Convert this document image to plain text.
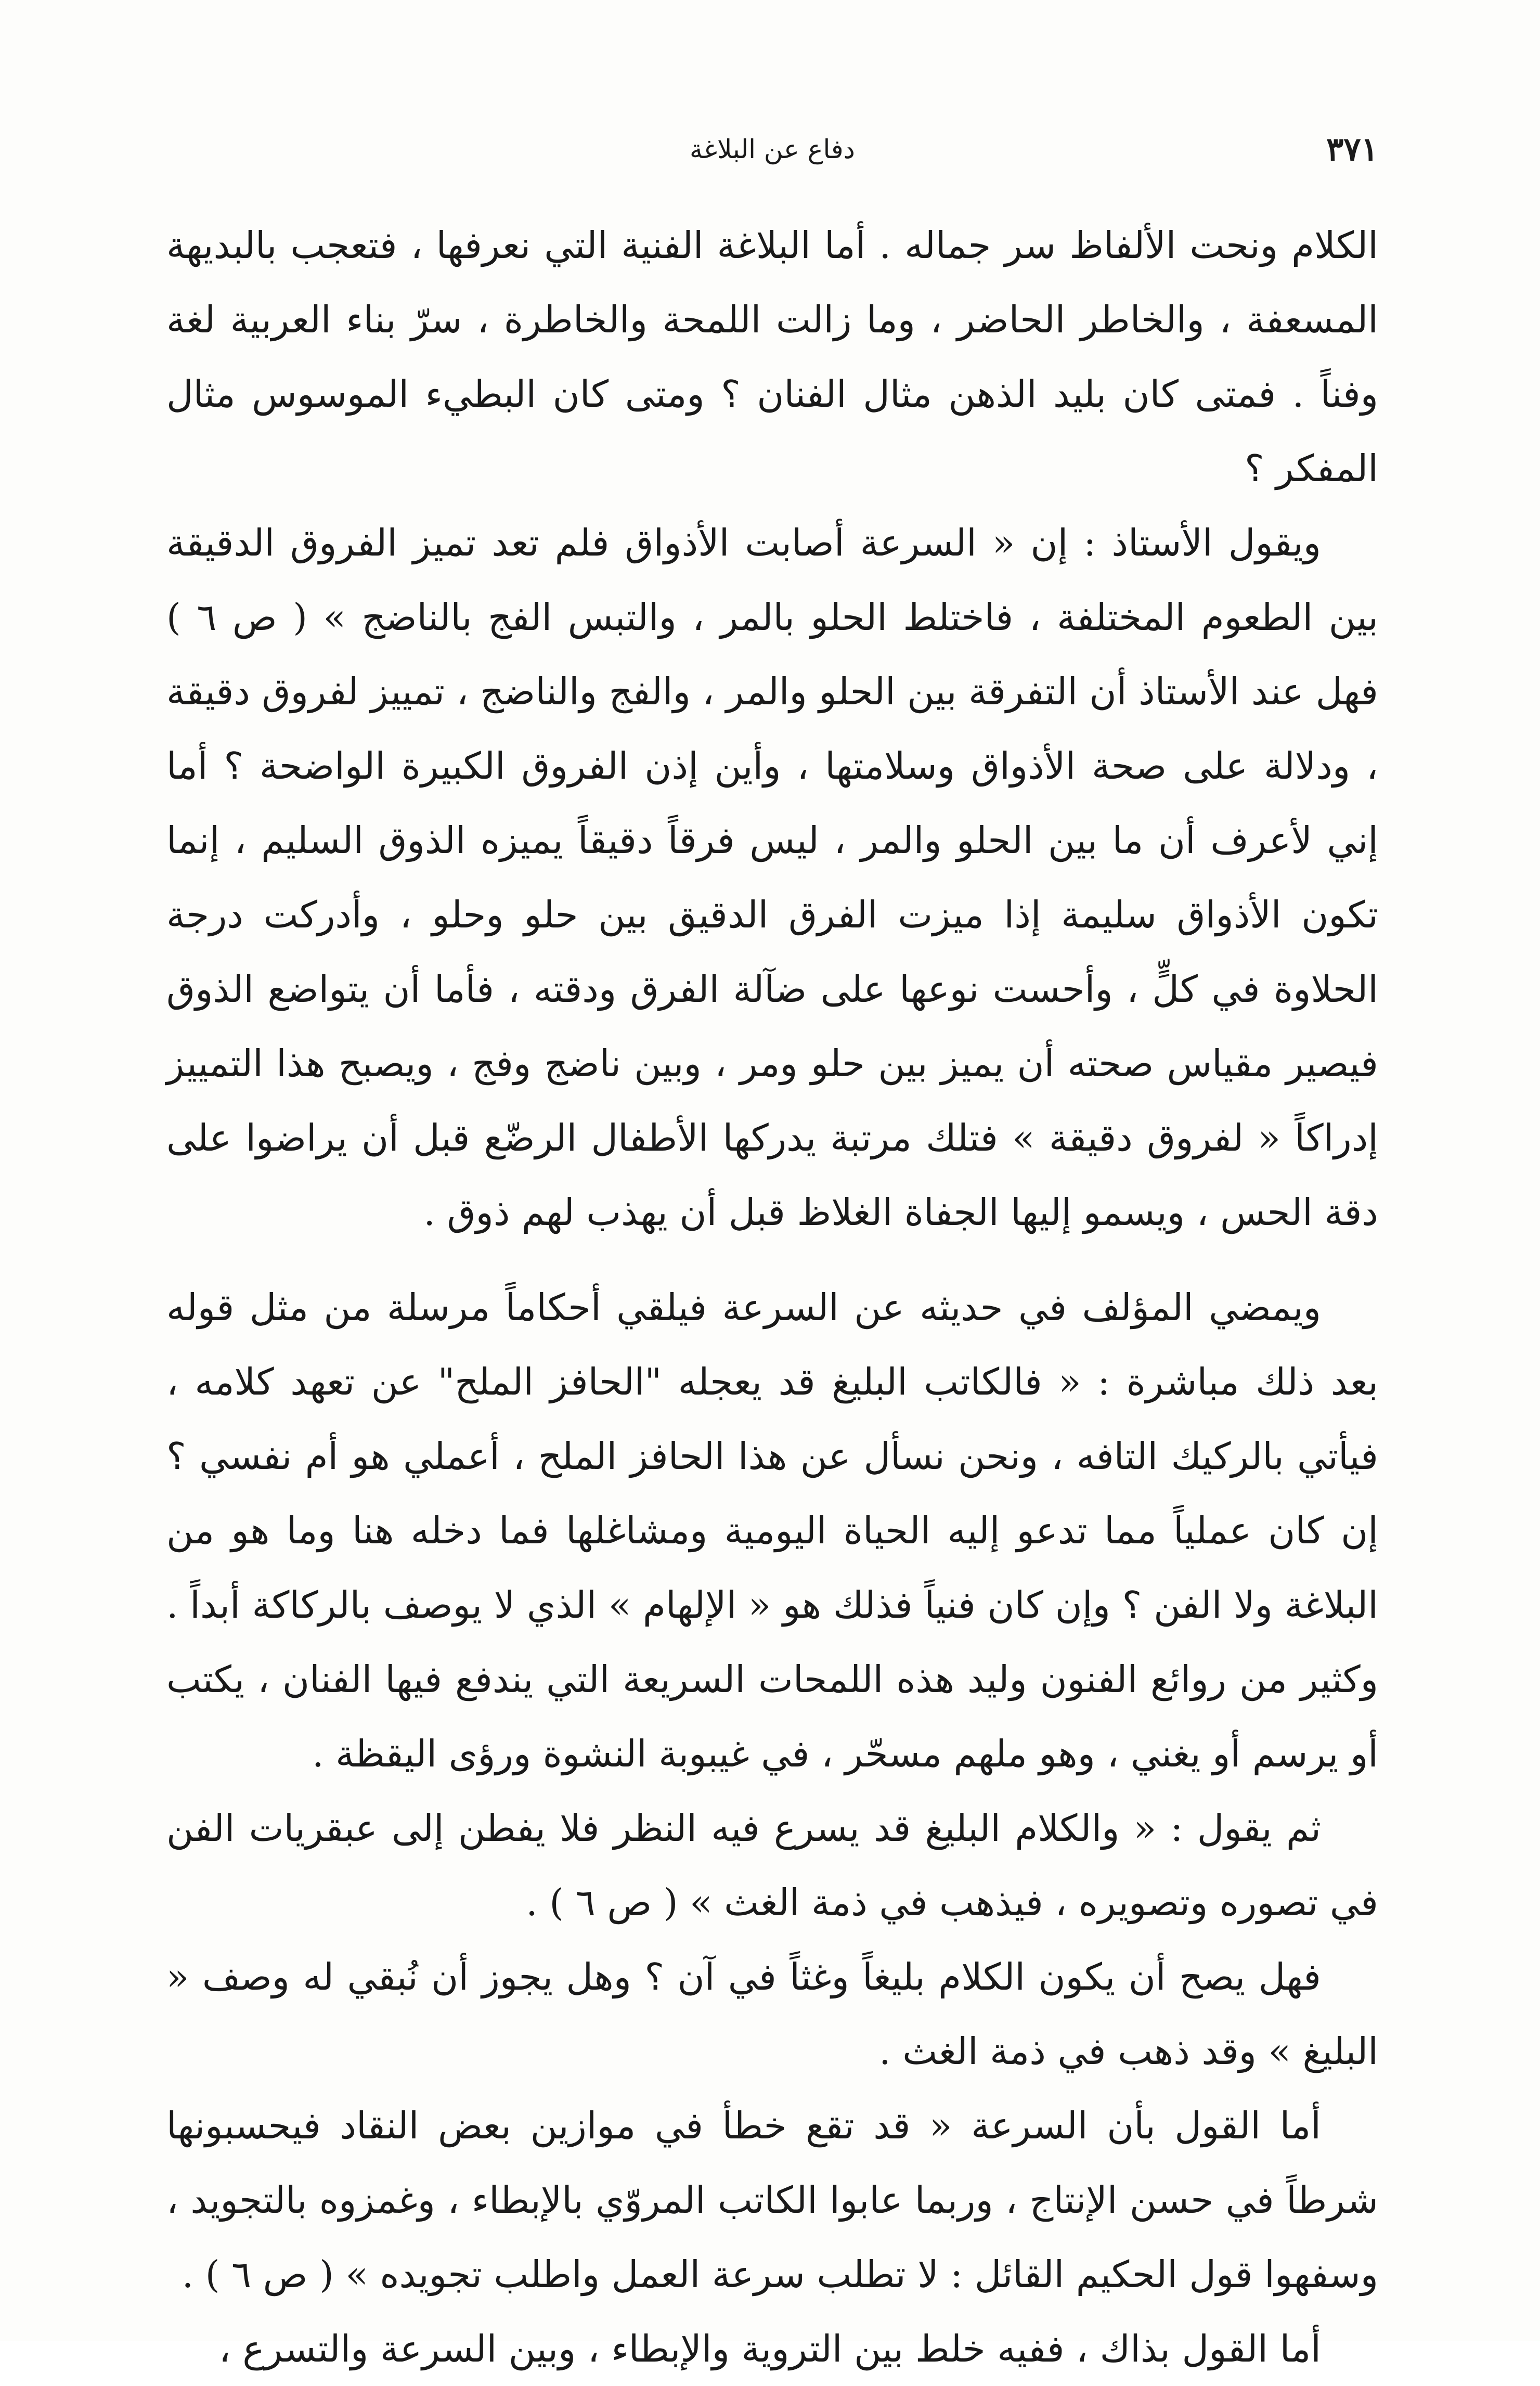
٣٧١
دفاع عن البلاغة

الكلام ونحت الألفاظ سر جماله . أما البلاغة الفنية التي نعرفها ، فتعجب بالبديهة المسعفة ، والخاطر الحاضر ، وما زالت اللمحة والخاطرة ، سرّ بناء العربية لغة وفناً . فمتى كان بليد الذهن مثال الفنان ؟ ومتى كان البطيء الموسوس مثال المفكر ؟

ويقول الأستاذ : إن « السرعة أصابت الأذواق فلم تعد تميز الفروق الدقيقة بين الطعوم المختلفة ، فاختلط الحلو بالمر ، والتبس الفج بالناضج » ( ص ٦ ) فهل عند الأستاذ أن التفرقة بين الحلو والمر ، والفج والناضج ، تمييز لفروق دقيقة ، ودلالة على صحة الأذواق وسلامتها ، وأين إذن الفروق الكبيرة الواضحة ؟ أما إني لأعرف أن ما بين الحلو والمر ، ليس فرقاً دقيقاً يميزه الذوق السليم ، إنما تكون الأذواق سليمة إذا ميزت الفرق الدقيق بين حلو وحلو ، وأدركت درجة الحلاوة في كلٍّ ، وأحست نوعها على ضآلة الفرق ودقته ، فأما أن يتواضع الذوق فيصير مقياس صحته أن يميز بين حلو ومر ، وبين ناضج وفج ، ويصبح هذا التمييز إدراكاً « لفروق دقيقة » فتلك مرتبة يدركها الأطفال الرضّع قبل أن يراضوا على دقة الحس ، ويسمو إليها الجفاة الغلاظ قبل أن يهذب لهم ذوق .

ويمضي المؤلف في حديثه عن السرعة فيلقي أحكاماً مرسلة من مثل قوله بعد ذلك مباشرة : « فالكاتب البليغ قد يعجله "الحافز الملح" عن تعهد كلامه ، فيأتي بالركيك التافه ، ونحن نسأل عن هذا الحافز الملح ، أعملي هو أم نفسي ؟ إن كان عملياً مما تدعو إليه الحياة اليومية ومشاغلها فما دخله هنا وما هو من البلاغة ولا الفن ؟ وإن كان فنياً فذلك هو « الإلهام » الذي لا يوصف بالركاكة أبداً . وكثير من روائع الفنون وليد هذه اللمحات السريعة التي يندفع فيها الفنان ، يكتب أو يرسم أو يغني ، وهو ملهم مسحّر ، في غيبوبة النشوة ورؤى اليقظة .

ثم يقول : « والكلام البليغ قد يسرع فيه النظر فلا يفطن إلى عبقريات الفن في تصوره وتصويره ، فيذهب في ذمة الغث » ( ص ٦ ) .

فهل يصح أن يكون الكلام بليغاً وغثاً في آن ؟ وهل يجوز أن نُبقي له وصف « البليغ » وقد ذهب في ذمة الغث .

أما القول بأن السرعة « قد تقع خطأ في موازين بعض النقاد فيحسبونها شرطاً في حسن الإنتاج ، وربما عابوا الكاتب المروّي بالإبطاء ، وغمزوه بالتجويد ، وسفهوا قول الحكيم القائل : لا تطلب سرعة العمل واطلب تجويده » ( ص ٦ ) .

أما القول بذاك ، ففيه خلط بين التروية والإبطاء ، وبين السرعة والتسرع ،
